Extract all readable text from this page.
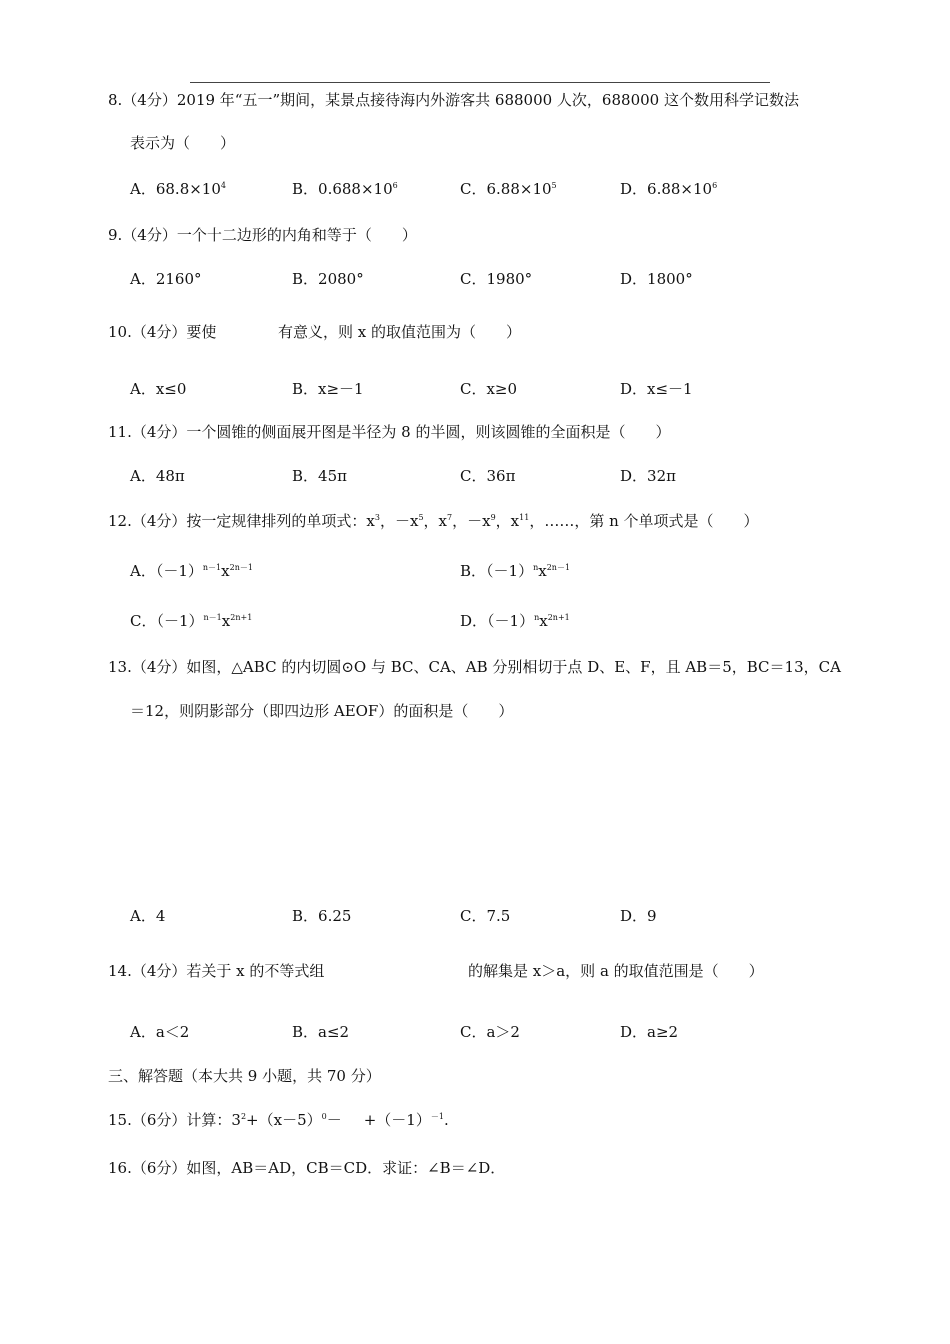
8.（4分）2019 年“五一”期间，某景点接待海内外游客共 688000 人次，688000 这个数用科学记数法
表示为（　　）
A．$68.8\times 10^4$	B．$0.688\times 10^6$	C．$6.88\times 10^5$	D．$6.88\times 10^6$
9.（4分）一个十二边形的内角和等于（　　）
A．2160°	B．2080°	C．1980°	D．1800°
10.（4分）要使	有意义，则 x 的取值范围为（　　）
A．x≤0	B．x≥－1	C．x≥0	D．x≤－1
11.（4分）一个圆锥的侧面展开图是半径为 8 的半圆，则该圆锥的全面积是（　　）
A．48π	B．45π	C．36π	D．32π
12.（4分）按一定规律排列的单项式：$x^3$，$-x^5$，$x^7$，$-x^9$，$x^{11}$，……，第 n 个单项式是（　　）
A．$(-1)^{n-1}x^{2n-1}$	B．$(-1)^nx^{2n-1}$
C．$(-1)^{n-1}x^{2n+1}$	D．$(-1)^nx^{2n+1}$
13.（4分）如图，△ABC 的内切圆⊙O 与 BC、CA、AB 分别相切于点 D、E、F，且 AB＝5，BC＝13，CA
＝12，则阴影部分（即四边形 AEOF）的面积是（　　）
A．4	B．6.25	C．7.5	D．9
14.（4分）若关于 x 的不等式组	的解集是 x＞a，则 a 的取值范围是（　　）
A．a＜2	B．a≤2	C．a＞2	D．a≥2
三、解答题（本大共 9 小题，共 70 分）
15.（6分）计算：$3^2+(x-5)^0- +(-1)^{-1}$.
16.（6分）如图，AB＝AD，CB＝CD．求证：∠B＝∠D．
